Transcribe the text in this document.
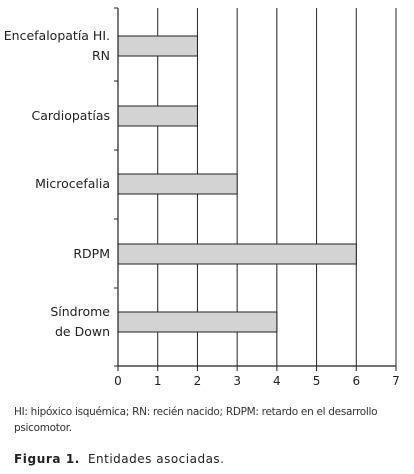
0	1	2	3	4	5	6	7
Encefalopatía HI.
RN
Cardiopatías
Microcefalia
RDPM
Síndrome
de Down
HI: hipóxico isquémica; RN: recién nacido; RDPM: retardo en el desarrollo psicomotor.
Figura 1. Entidades asociadas.
